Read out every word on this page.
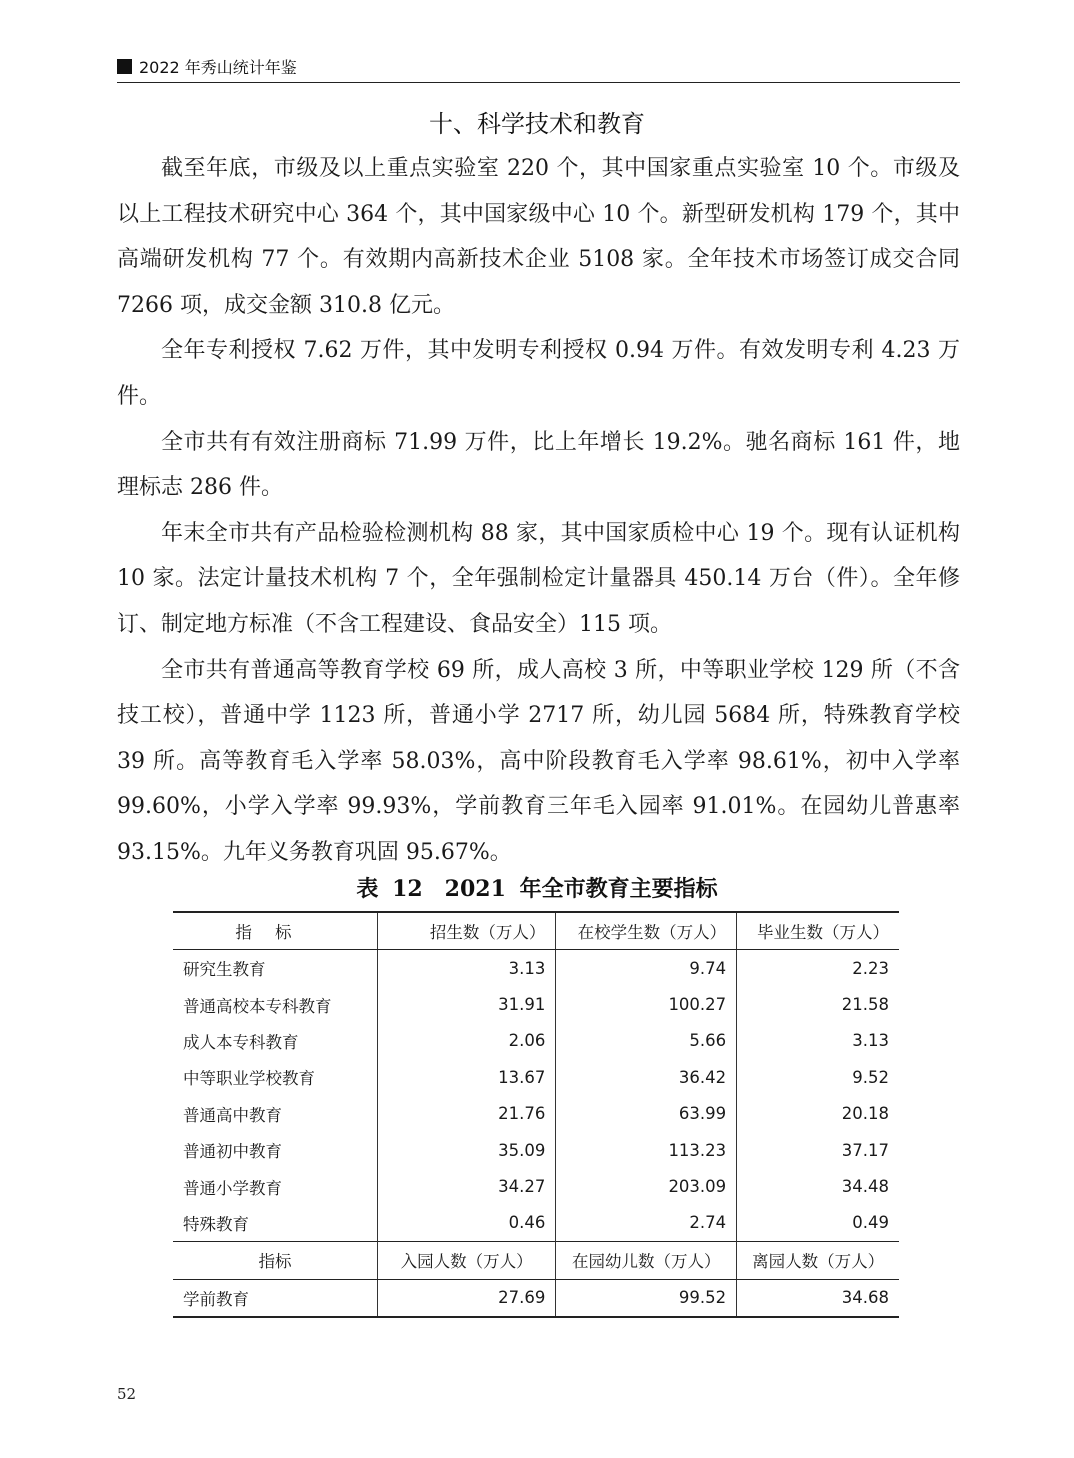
2022 年秀山统计年鉴
十、科学技术和教育

截至年底，市级及以上重点实验室 220 个，其中国家重点实验室 10 个。市级及以上工程技术研究中心 364 个，其中国家级中心 10 个。新型研发机构 179 个，其中高端研发机构 77 个。有效期内高新技术企业 5108 家。全年技术市场签订成交合同 7266 项，成交金额 310.8 亿元。

全年专利授权 7.62 万件，其中发明专利授权 0.94 万件。有效发明专利 4.23 万件。

全市共有有效注册商标 71.99 万件，比上年增长 19.2%。驰名商标 161 件，地理标志 286 件。

年末全市共有产品检验检测机构 88 家，其中国家质检中心 19 个。现有认证机构 10 家。法定计量技术机构 7 个，全年强制检定计量器具 450.14 万台（件）。全年修订、制定地方标准（不含工程建设、食品安全）115 项。

全市共有普通高等教育学校 69 所，成人高校 3 所，中等职业学校 129 所（不含技工校），普通中学 1123 所，普通小学 2717 所，幼儿园 5684 所，特殊教育学校 39 所。高等教育毛入学率 58.03%，高中阶段教育毛入学率 98.61%，初中入学率 99.60%，小学入学率 99.93%，学前教育三年毛入园率 91.01%。在园幼儿普惠率 93.15%。九年义务教育巩固 95.67%。

表 12　2021 年全市教育主要指标
指标	招生数（万人）	在校学生数（万人）	毕业生数（万人）
研究生教育	3.13	9.74	2.23
普通高校本专科教育	31.91	100.27	21.58
成人本专科教育	2.06	5.66	3.13
中等职业学校教育	13.67	36.42	9.52
普通高中教育	21.76	63.99	20.18
普通初中教育	35.09	113.23	37.17
普通小学教育	34.27	203.09	34.48
特殊教育	0.46	2.74	0.49
指标	入园人数（万人）	在园幼儿数（万人）	离园人数（万人）
学前教育	27.69	99.52	34.68
52
